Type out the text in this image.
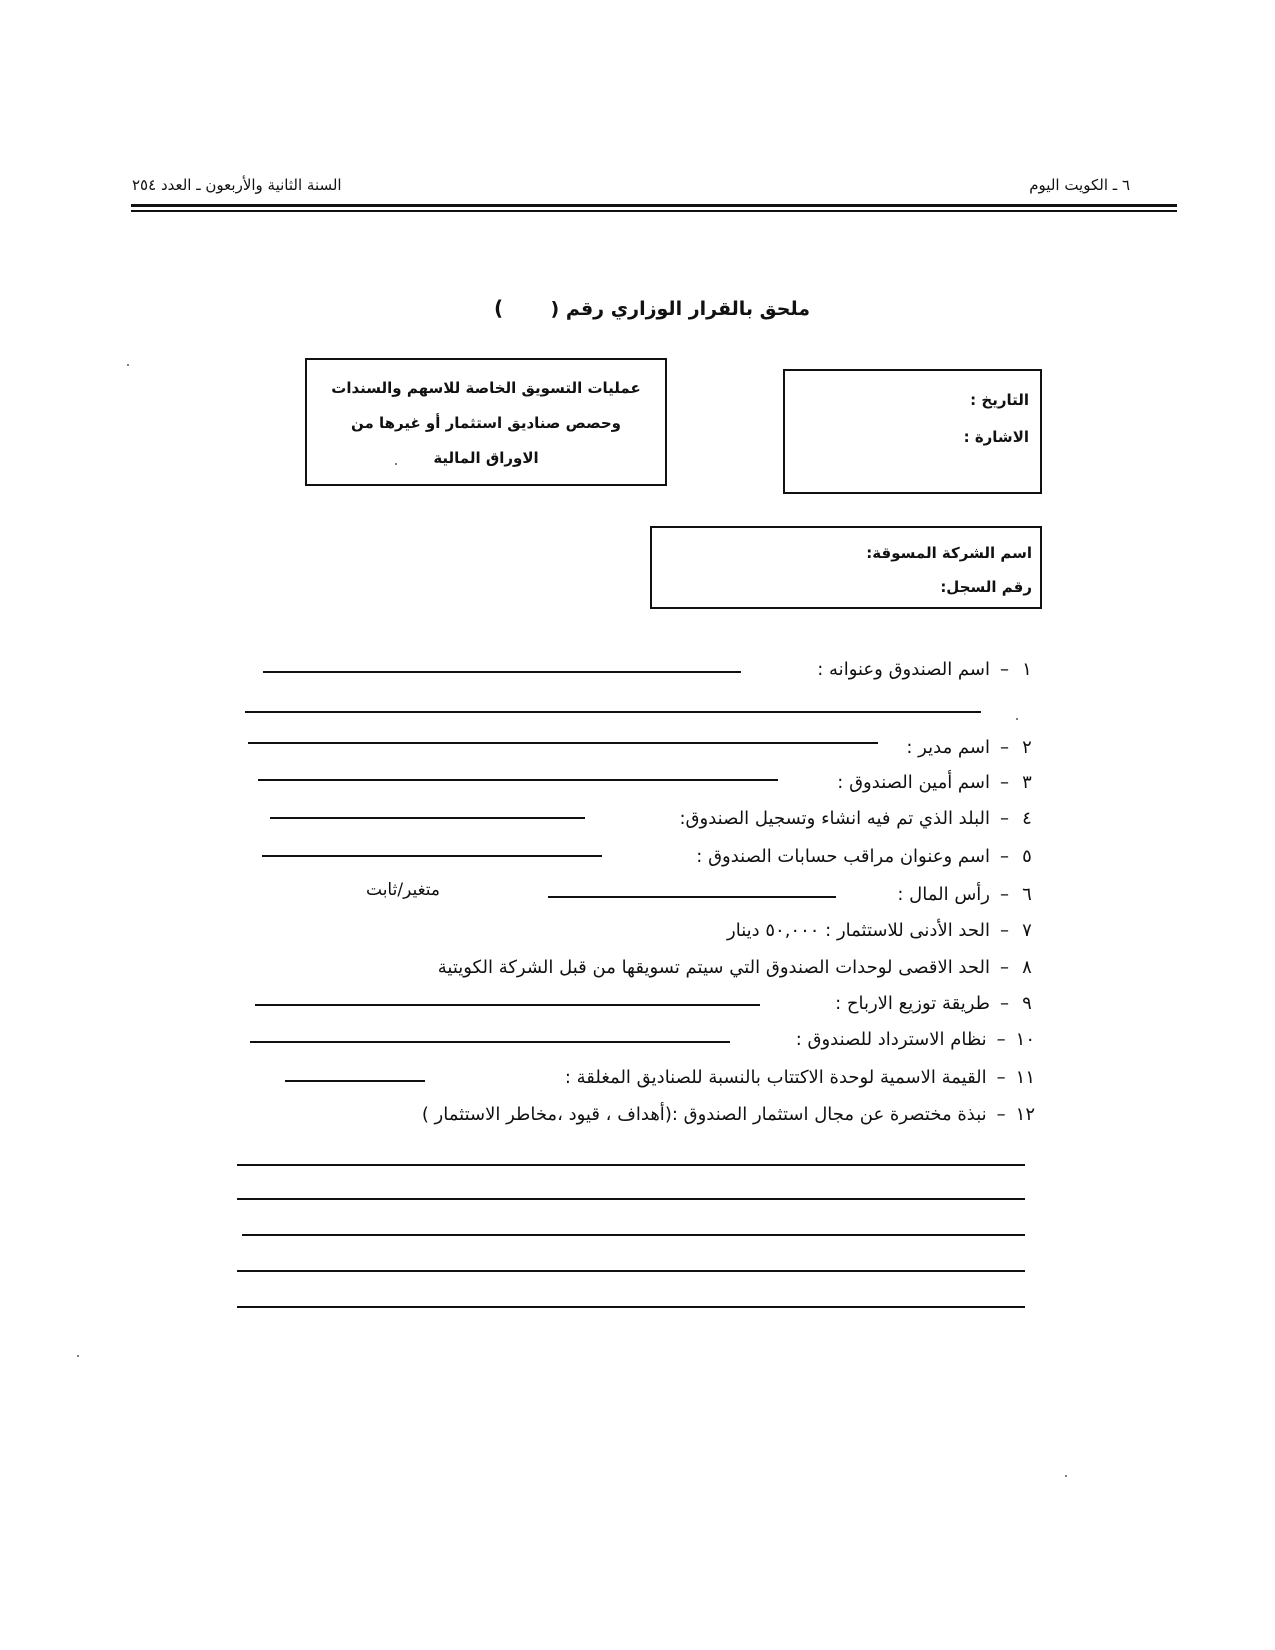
٦ ـ الكويت اليوم
السنة الثانية والأربعون ـ العدد ٢٥٤
ملحق بالقرار الوزاري رقم (
)
عمليات التسويق الخاصة للاسهم والسندات
وحصص صناديق استثمار أو غيرها من
الاوراق المالية
التاريخ :
الاشارة :
اسم الشركة المسوقة:
رقم السجل:
١–اسم الصندوق وعنوانه :
٢–اسم مدير :
٣–اسم أمين الصندوق :
٤–البلد الذي تم فيه انشاء وتسجيل الصندوق:
٥–اسم وعنوان مراقب حسابات الصندوق :
٦–رأس المال :
متغير/ثابت
٧–الحد الأدنى للاستثمار : ٥٠,٠٠٠ دينار
٨–الحد الاقصى لوحدات الصندوق التي سيتم تسويقها من قبل الشركة الكويتية
٩–طريقة توزيع الارباح :
١٠–نظام الاسترداد للصندوق :
١١–القيمة الاسمية لوحدة الاكتتاب بالنسبة للصناديق المغلقة :
١٢–نبذة مختصرة عن مجال استثمار الصندوق :(أهداف ، قيود ،مخاطر الاستثمار )
